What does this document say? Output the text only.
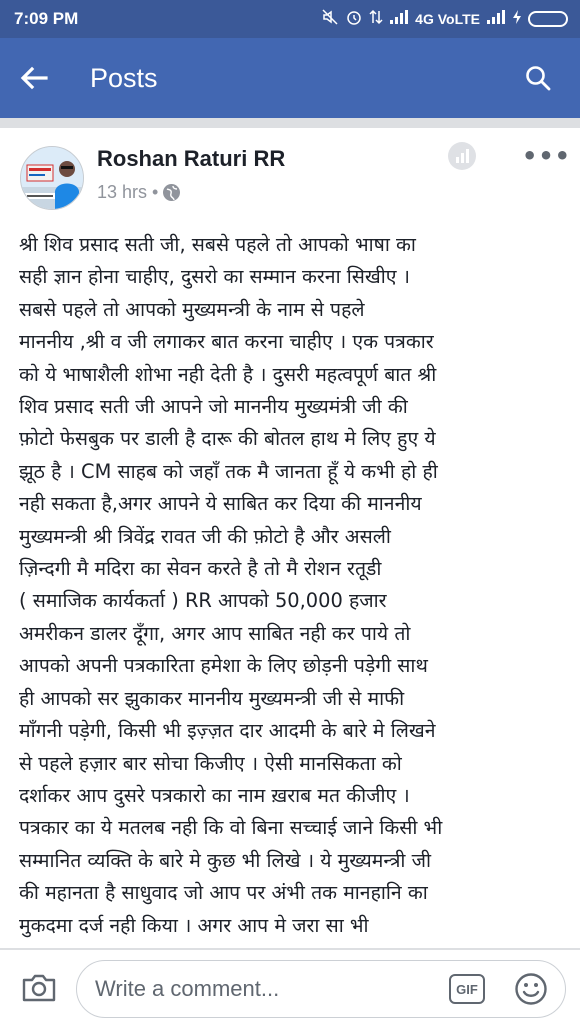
7:09 PM	4G VoLTE
Posts
Roshan Raturi RR
13 hrs •
•••
श्री शिव प्रसाद सती जी, सबसे पहले तो आपको भाषा का
सही ज्ञान होना चाहीए, दुसरो का सम्मान करना सिखीए ।
सबसे पहले तो आपको मुख्यमन्त्री के नाम से पहले
माननीय ,श्री व जी लगाकर बात करना चाहीए । एक पत्रकार
को ये भाषाशैली शोभा नही देती है । दुसरी महत्वपूर्ण बात श्री
शिव प्रसाद सती जी आपने जो माननीय मुख्यमंत्री जी की
फ़ोटो फेसबुक पर डाली है दारू की बोतल हाथ मे लिए हुए ये
झूठ है । CM साहब को जहाँ तक मै जानता हूँ ये कभी हो ही
नही सकता है,अगर आपने ये साबित कर दिया की माननीय
मुख्यमन्त्री श्री त्रिवेंद्र रावत जी की फ़ोटो है और असली
ज़िन्दगी मै मदिरा का सेवन करते है तो मै रोशन रतूडी
( समाजिक कार्यकर्ता ) RR आपको 50,000 हजार
अमरीकन डालर दूँगा, अगर आप साबित नही कर पाये तो
आपको अपनी पत्रकारिता हमेशा के लिए छोड़नी पड़ेगी साथ
ही आपको सर झुकाकर माननीय मुख्यमन्त्री जी से माफी
माँगनी पड़ेगी, किसी भी इज़्ज़त दार आदमी के बारे मे लिखने
से पहले हज़ार बार सोचा किजीए । ऐसी मानसिकता को
दर्शाकर आप दुसरे पत्रकारो का नाम ख़राब मत कीजीए ।
पत्रकार का ये मतलब नही कि वो बिना सच्चाई जाने किसी भी
सम्मानित व्यक्ति के बारे मे कुछ भी लिखे । ये मुख्यमन्त्री जी
की महानता है साधुवाद जो आप पर अंभी तक मानहानि का
मुकदमा दर्ज नही किया । अगर आप मे जरा सा भी
Write a comment...
GIF
